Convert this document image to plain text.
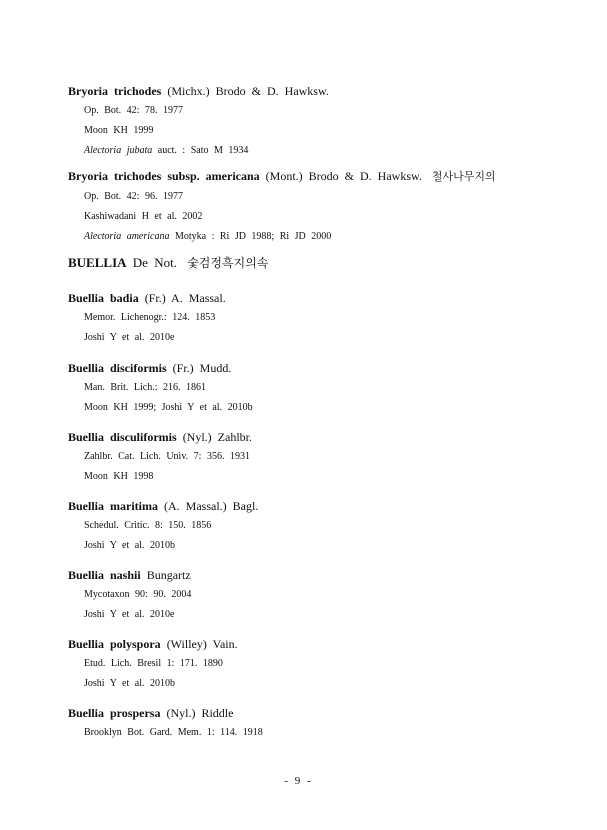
Bryoria trichodes (Michx.) Brodo & D. Hawksw.
Op. Bot. 42: 78. 1977
Moon KH 1999
Alectoria jubata auct. : Sato M 1934
Bryoria trichodes subsp. americana (Mont.) Brodo & D. Hawksw. 철사나무지의
Op. Bot. 42: 96. 1977
Kashiwadani H et al. 2002
Alectoria americana Motyka : Ri JD 1988; Ri JD 2000
BUELLIA De Not. 숯검정흑지의속
Buellia badia (Fr.) A. Massal.
Memor. Lichenogr.: 124. 1853
Joshi Y et al. 2010e
Buellia disciformis (Fr.) Mudd.
Man. Brit. Lich.: 216. 1861
Moon KH 1999; Joshi Y et al. 2010b
Buellia disculiformis (Nyl.) Zahlbr.
Zahlbr. Cat. Lich. Univ. 7: 356. 1931
Moon KH 1998
Buellia maritima (A. Massal.) Bagl.
Schedul. Critic. 8: 150. 1856
Joshi Y et al. 2010b
Buellia nashii Bungartz
Mycotaxon 90: 90. 2004
Joshi Y et al. 2010e
Buellia polyspora (Willey) Vain.
Etud. Lich. Bresil 1: 171. 1890
Joshi Y et al. 2010b
Buellia prospersa (Nyl.) Riddle
Brooklyn Bot. Gard. Mem. 1: 114. 1918
- 9 -
